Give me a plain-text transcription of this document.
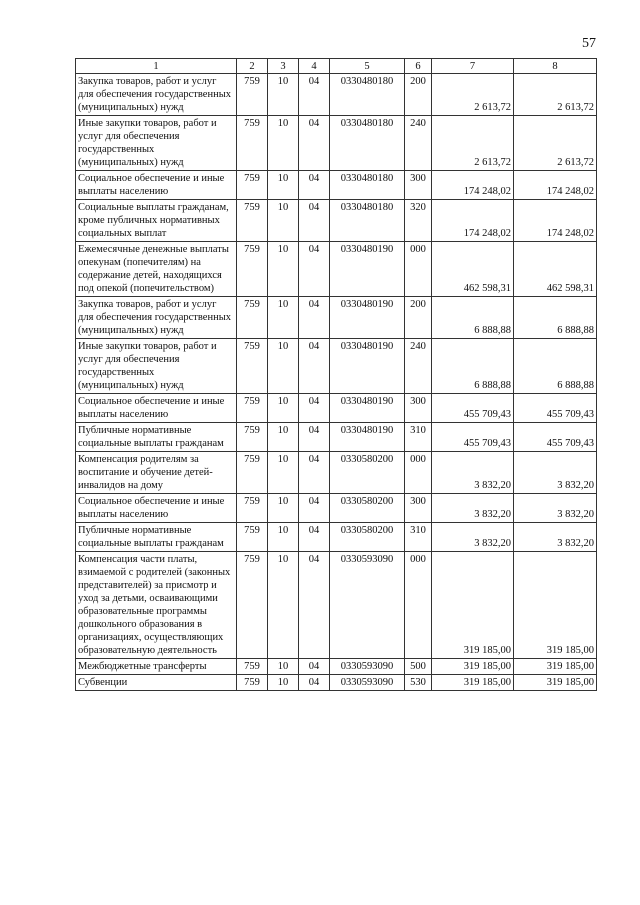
57
1	2	3	4	5	6	7	8
Закупка товаров, работ и услуг для обеспечения государственных (муниципальных) нужд	759	10	04	0330480180	200	2 613,72	2 613,72
Иные закупки товаров, работ и услуг для обеспечения государственных (муниципальных) нужд	759	10	04	0330480180	240	2 613,72	2 613,72
Социальное обеспечение и иные выплаты населению	759	10	04	0330480180	300	174 248,02	174 248,02
Социальные выплаты гражданам, кроме публичных нормативных социальных выплат	759	10	04	0330480180	320	174 248,02	174 248,02
Ежемесячные денежные выплаты опекунам (попечителям) на содержание детей, находящихся под опекой (попечительством)	759	10	04	0330480190	000	462 598,31	462 598,31
Закупка товаров, работ и услуг для обеспечения государственных (муниципальных) нужд	759	10	04	0330480190	200	6 888,88	6 888,88
Иные закупки товаров, работ и услуг для обеспечения государственных (муниципальных) нужд	759	10	04	0330480190	240	6 888,88	6 888,88
Социальное обеспечение и иные выплаты населению	759	10	04	0330480190	300	455 709,43	455 709,43
Публичные нормативные социальные выплаты гражданам	759	10	04	0330480190	310	455 709,43	455 709,43
Компенсация родителям за воспитание и обучение детей-инвалидов на дому	759	10	04	0330580200	000	3 832,20	3 832,20
Социальное обеспечение и иные выплаты населению	759	10	04	0330580200	300	3 832,20	3 832,20
Публичные нормативные социальные выплаты гражданам	759	10	04	0330580200	310	3 832,20	3 832,20
Компенсация части платы, взимаемой с родителей (законных представителей) за присмотр и уход за детьми, осваивающими образовательные программы дошкольного образования в организациях, осуществляющих образовательную деятельность	759	10	04	0330593090	000	319 185,00	319 185,00
Межбюджетные трансферты	759	10	04	0330593090	500	319 185,00	319 185,00
Субвенции	759	10	04	0330593090	530	319 185,00	319 185,00
